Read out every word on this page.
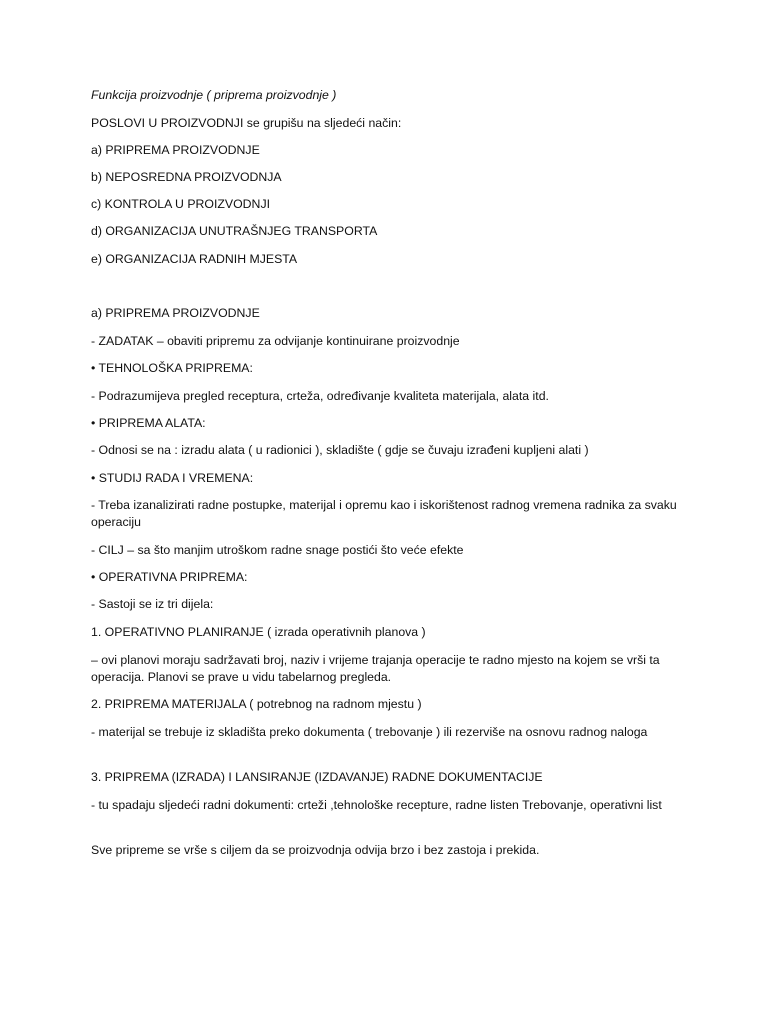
Funkcija proizvodnje ( priprema proizvodnje )
POSLOVI U PROIZVODNJI se grupišu na sljedeći način:
a) PRIPREMA PROIZVODNJE
b) NEPOSREDNA PROIZVODNJA
c) KONTROLA U PROIZVODNJI
d) ORGANIZACIJA UNUTRAŠNJEG TRANSPORTA
e) ORGANIZACIJA RADNIH MJESTA
a) PRIPREMA PROIZVODNJE
- ZADATAK – obaviti pripremu za odvijanje kontinuirane proizvodnje
• TEHNOLOŠKA PRIPREMA:
- Podrazumijeva pregled receptura, crteža, određivanje kvaliteta materijala, alata itd.
• PRIPREMA ALATA:
- Odnosi se na : izradu alata ( u radionici ), skladište ( gdje se čuvaju izrađeni kupljeni alati )
• STUDIJ RADA I VREMENA:
- Treba izanalizirati radne postupke, materijal i opremu kao i iskorištenost radnog vremena radnika za svaku operaciju
- CILJ – sa što manjim utroškom radne snage postići što veće efekte
• OPERATIVNA PRIPREMA:
- Sastoji se iz tri dijela:
1. OPERATIVNO PLANIRANJE ( izrada operativnih planova )
– ovi planovi moraju sadržavati broj, naziv i vrijeme trajanja operacije te radno mjesto na kojem se vrši ta operacija. Planovi se prave u vidu tabelarnog pregleda.
2. PRIPREMA MATERIJALA ( potrebnog na radnom mjestu )
- materijal se trebuje iz skladišta preko dokumenta ( trebovanje ) ili rezerviše na osnovu radnog naloga
3. PRIPREMA (IZRADA) I LANSIRANJE (IZDAVANJE) RADNE DOKUMENTACIJE
- tu spadaju sljedeći radni dokumenti: crteži ,tehnološke recepture, radne listen Trebovanje, operativni list
Sve pripreme se vrše s ciljem da se proizvodnja odvija brzo i bez zastoja i prekida.
